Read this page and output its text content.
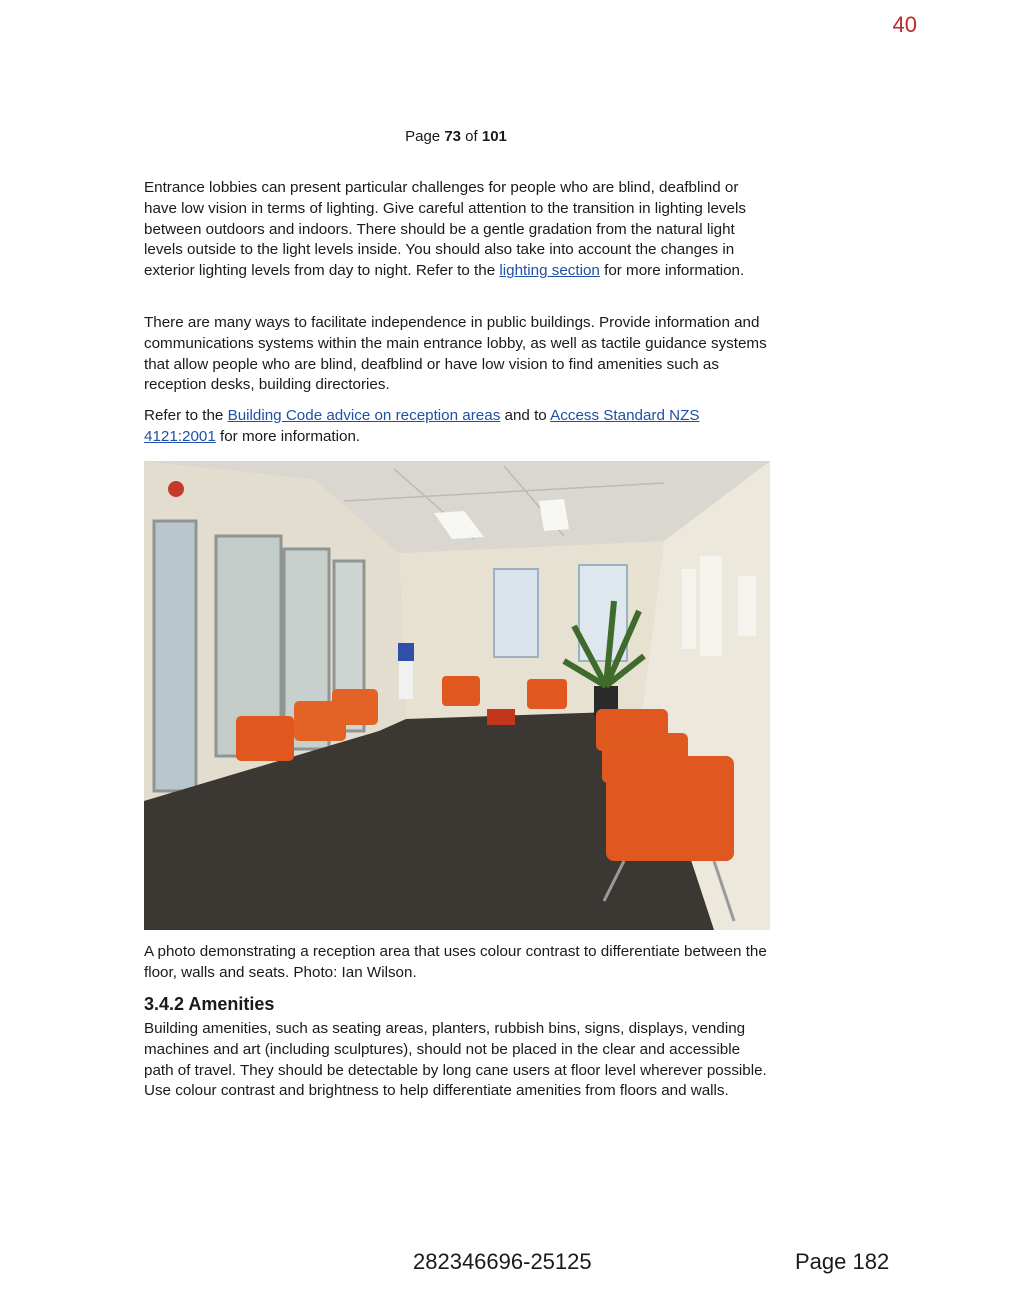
40
Page 73 of 101
Entrance lobbies can present particular challenges for people who are blind, deafblind or have low vision in terms of lighting. Give careful attention to the transition in lighting levels between outdoors and indoors. There should be a gentle gradation from the natural light levels outside to the light levels inside. You should also take into account the changes in exterior lighting levels from day to night. Refer to the lighting section for more information.
There are many ways to facilitate independence in public buildings. Provide information and communications systems within the main entrance lobby, as well as tactile guidance systems that allow people who are blind, deafblind or have low vision to find amenities such as reception desks, building directories.
Refer to the Building Code advice on reception areas and to Access Standard NZS 4121:2001 for more information.
A photo demonstrating a reception area that uses colour contrast to differentiate between the floor, walls and seats. Photo: Ian Wilson.
3.4.2 Amenities
Building amenities, such as seating areas, planters, rubbish bins, signs, displays, vending machines and art (including sculptures), should not be placed in the clear and accessible path of travel. They should be detectable by long cane users at floor level wherever possible. Use colour contrast and brightness to help differentiate amenities from floors and walls.
282346696-25125	Page 182
